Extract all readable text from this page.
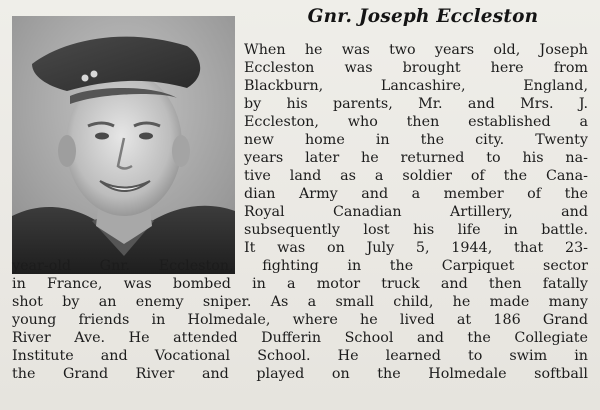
Gnr. Joseph Eccleston

When he was two years old, Joseph

Eccleston was brought here from

Blackburn, Lancashire, England,

by his parents, Mr. and Mrs. J.

Eccleston, who then established a

new home in the city. Twenty

years later he returned to his na-

tive land as a soldier of the Cana-

dian Army and a member of the

Royal Canadian Artillery, and

subsequently lost his life in battle.

It was on July 5, 1944, that 23-

year-old Gnr. Eccleston, fighting in the Carpiquet sector

in France, was bombed in a motor truck and then fatally

shot by an enemy sniper. As a small child, he made many

young friends in Holmedale, where he lived at 186 Grand

River Ave. He attended Dufferin School and the Collegiate

Institute and Vocational School. He learned to swim in

the Grand River and played on the Holmedale softball
